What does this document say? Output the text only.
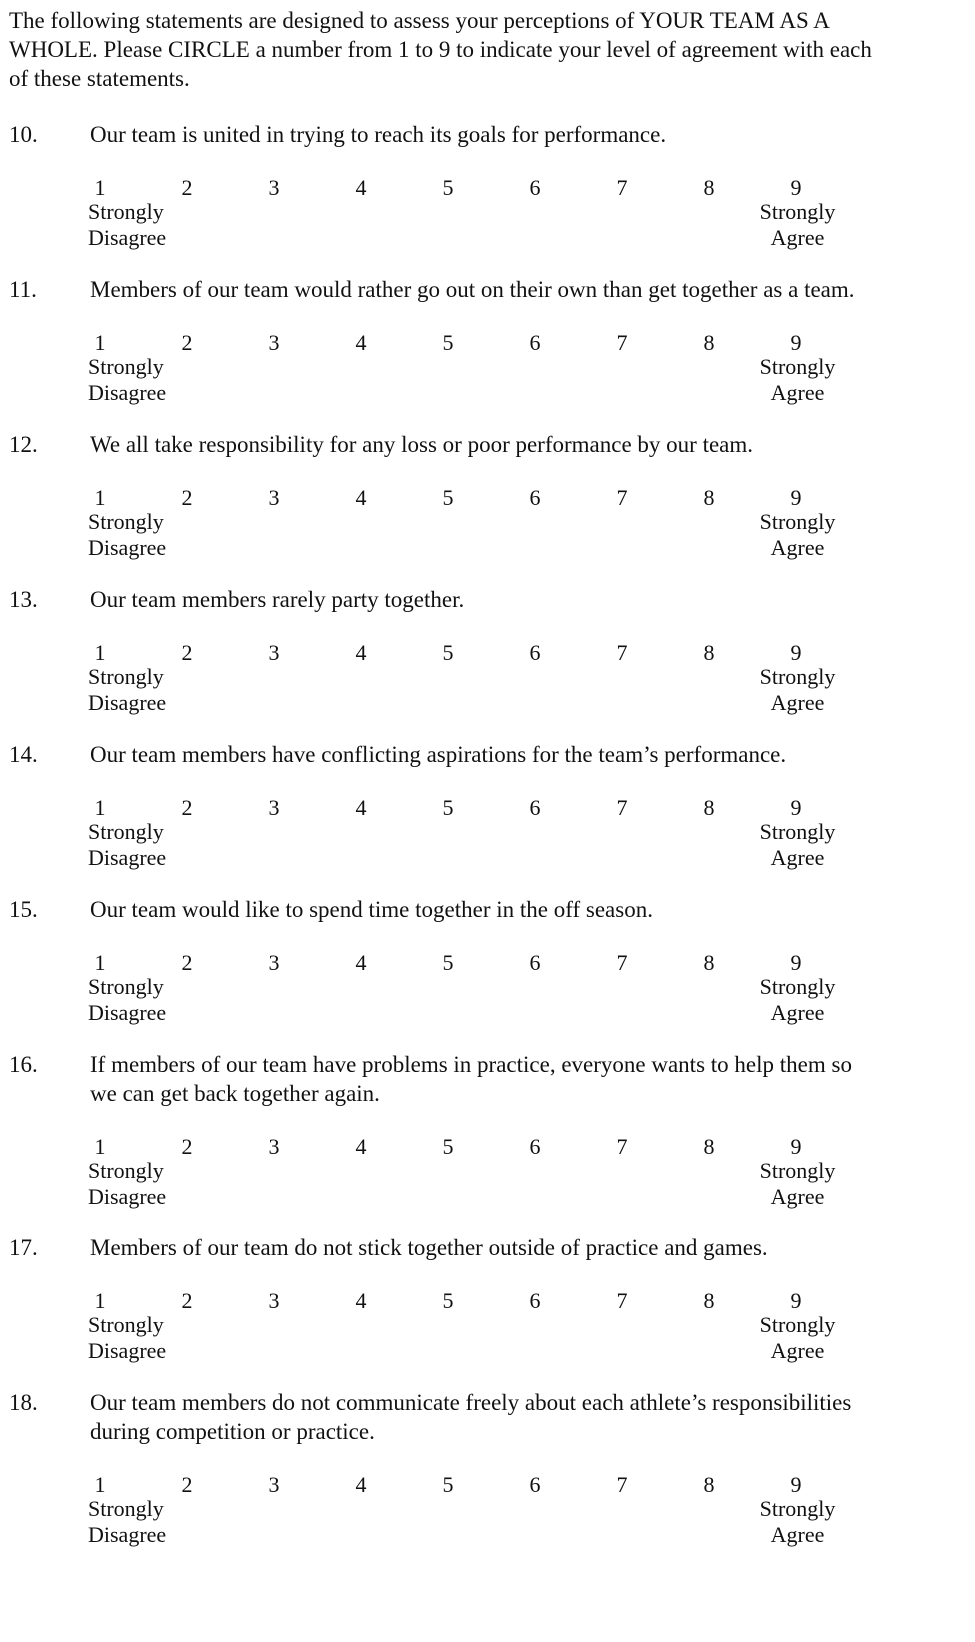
The following statements are designed to assess your perceptions of YOUR TEAM AS A
WHOLE. Please CIRCLE a number from 1 to 9 to indicate your level of agreement with each
of these statements.
10. Our team is united in trying to reach its goals for performance.
1	2	3	4	5	6	7	8	9
Strongly
Disagree
Strongly
Agree
11. Members of our team would rather go out on their own than get together as a team.
1	2	3	4	5	6	7	8	9
Strongly
Disagree
Strongly
Agree
12. We all take responsibility for any loss or poor performance by our team.
1	2	3	4	5	6	7	8	9
Strongly
Disagree
Strongly
Agree
13. Our team members rarely party together.
1	2	3	4	5	6	7	8	9
Strongly
Disagree
Strongly
Agree
14. Our team members have conflicting aspirations for the team’s performance.
1	2	3	4	5	6	7	8	9
Strongly
Disagree
Strongly
Agree
15. Our team would like to spend time together in the off season.
1	2	3	4	5	6	7	8	9
Strongly
Disagree
Strongly
Agree
16. If members of our team have problems in practice, everyone wants to help them so
we can get back together again.
1	2	3	4	5	6	7	8	9
Strongly
Disagree
Strongly
Agree
17. Members of our team do not stick together outside of practice and games.
1	2	3	4	5	6	7	8	9
Strongly
Disagree
Strongly
Agree
18. Our team members do not communicate freely about each athlete’s responsibilities
during competition or practice.
1	2	3	4	5	6	7	8	9
Strongly
Disagree
Strongly
Agree
